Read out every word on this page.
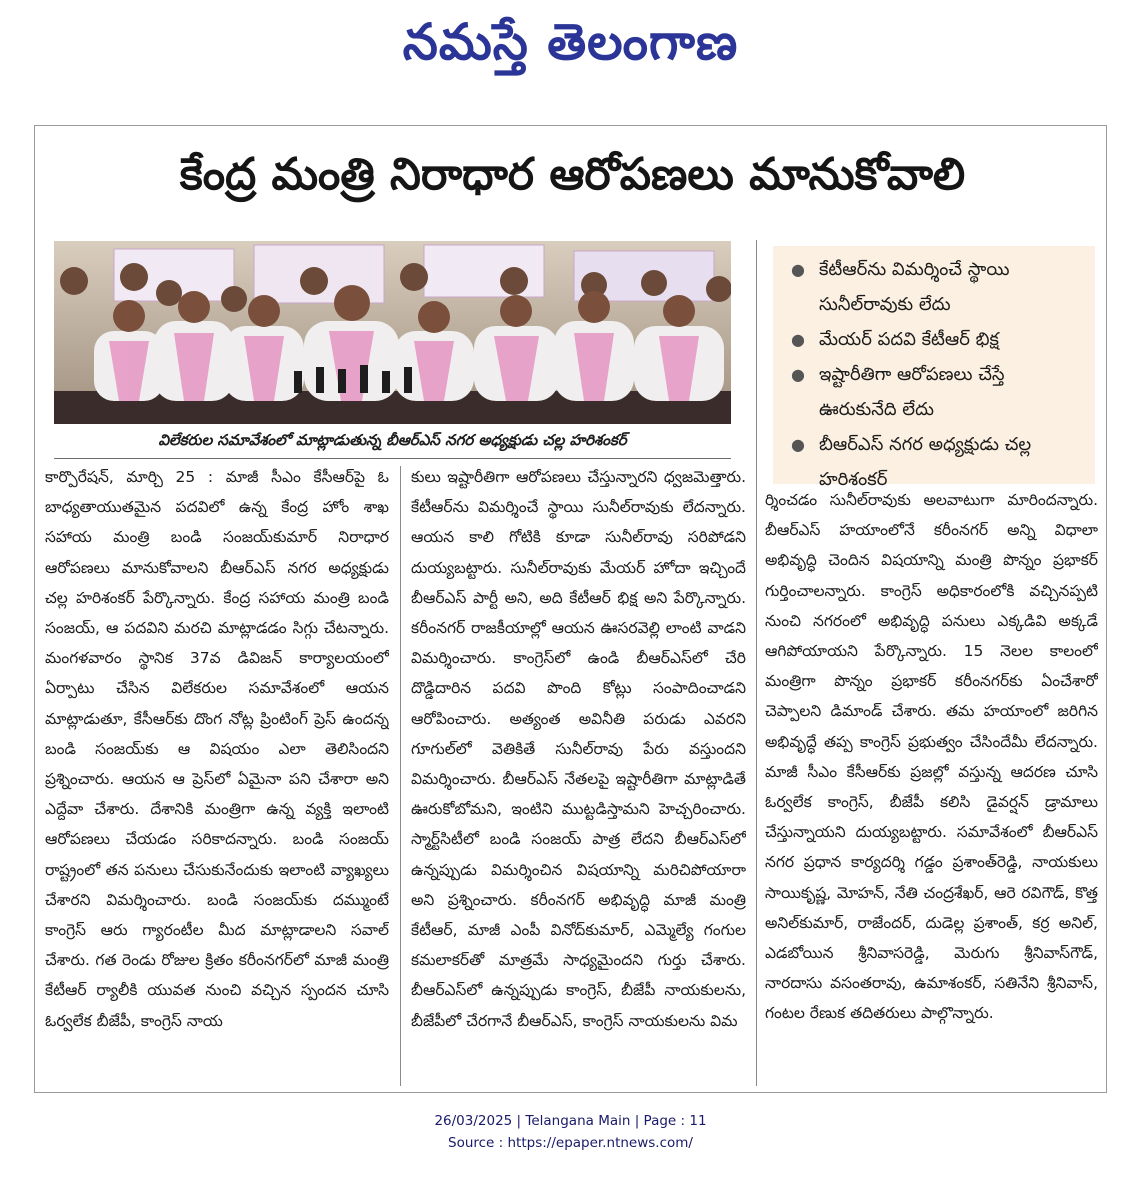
నమస్తే తెలంగాణ
కేంద్ర మంత్రి నిరాధార ఆరోపణలు మానుకోవాలి
విలేకరుల సమావేశంలో మాట్లాడుతున్న బీఆర్ఎస్ నగర అధ్యక్షుడు చల్ల హరిశంకర్
● కేటీఆర్‌ను విమర్శించే స్థాయి సునీల్‌రావుకు లేదు
● మేయర్ పదవి కేటీఆర్ భిక్ష
● ఇష్టారీతిగా ఆరోపణలు చేస్తే ఊరుకునేది లేదు
● బీఆర్ఎస్ నగర అధ్యక్షుడు చల్ల హరిశంకర్

కార్పొరేషన్, మార్చి 25 : మాజీ సీఎం కేసీఆర్‌పై ఓ బాధ్యతాయుతమైన పదవిలో ఉన్న కేంద్ర హోం శాఖ సహాయ మంత్రి బండి సంజయ్‌కుమార్ నిరాధార ఆరోపణలు మానుకోవాలని బీఆర్ఎస్ నగర అధ్యక్షుడు చల్ల హరిశంకర్ పేర్కొన్నారు. కేంద్ర సహాయ మంత్రి బండి సంజయ్, ఆ పదవిని మరచి మాట్లాడడం సిగ్గు చేటన్నారు. మంగళవారం స్థానిక 37వ డివిజన్ కార్యాలయంలో ఏర్పాటు చేసిన విలేకరుల సమావేశంలో ఆయన మాట్లాడుతూ, కేసీఆర్‌కు దొంగ నోట్ల ప్రింటింగ్ ప్రెస్ ఉందన్న బండి సంజయ్‌కు ఆ విషయం ఎలా తెలిసిందని ప్రశ్నించారు. ఆయన ఆ ప్రెస్‌లో ఏమైనా పని చేశారా అని ఎద్దేవా చేశారు. దేశానికి మంత్రిగా ఉన్న వ్యక్తి ఇలాంటి ఆరోపణలు చేయడం సరికాదన్నారు. బండి సంజయ్ రాష్ట్రంలో తన పనులు చేసుకునేందుకు ఇలాంటి వ్యాఖ్యలు చేశారని విమర్శించారు. బండి సంజయ్‌కు దమ్ముంటే కాంగ్రెస్ ఆరు గ్యారంటీల మీద మాట్లాడాలని సవాల్ చేశారు. గత రెండు రోజుల క్రితం కరీంనగర్‌లో మాజీ మంత్రి కేటీఆర్ ర్యాలీకి యువత నుంచి వచ్చిన స్పందన చూసి ఓర్వలేక బీజేపీ, కాంగ్రెస్ నాయ

కులు ఇష్టారీతిగా ఆరోపణలు చేస్తున్నారని ధ్వజమెత్తారు. కేటీఆర్‌ను విమర్శించే స్థాయి సునీల్‌రావుకు లేదన్నారు. ఆయన కాలి గోటికి కూడా సునీల్‌రావు సరిపోడని దుయ్యబట్టారు. సునీల్‌రావుకు మేయర్ హోదా ఇచ్చిందే బీఆర్ఎస్ పార్టీ అని, అది కేటీఆర్ భిక్ష అని పేర్కొన్నారు. కరీంనగర్ రాజకీయాల్లో ఆయన ఊసరవెల్లి లాంటి వాడని విమర్శించారు. కాంగ్రెస్‌లో ఉండి బీఆర్ఎస్‌లో చేరి దొడ్డిదారిన పదవి పొంది కోట్లు సంపాదించాడని ఆరోపించారు. అత్యంత అవినీతి పరుడు ఎవరని గూగుల్‌లో వెతికితే సునీల్‌రావు పేరు వస్తుందని విమర్శించారు. బీఆర్ఎస్ నేతలపై ఇష్టారీతిగా మాట్లాడితే ఊరుకోబోమని, ఇంటిని ముట్టడిస్తామని హెచ్చరించారు. స్మార్ట్‌సిటీలో బండి సంజయ్ పాత్ర లేదని బీఆర్ఎస్‌లో ఉన్నప్పుడు విమర్శించిన విషయాన్ని మరిచిపోయారా అని ప్రశ్నించారు. కరీంనగర్ అభివృద్ధి మాజీ మంత్రి కేటీఆర్, మాజీ ఎంపీ వినోద్‌కుమార్, ఎమ్మెల్యే గంగుల కమలాకర్‌తో మాత్రమే సాధ్యమైందని గుర్తు చేశారు. బీఆర్ఎస్‌లో ఉన్నప్పుడు కాంగ్రెస్, బీజేపీ నాయకులను, బీజేపీలో చేరగానే బీఆర్ఎస్, కాంగ్రెస్ నాయకులను విమ

ర్శించడం సునీల్‌రావుకు అలవాటుగా మారిందన్నారు. బీఆర్ఎస్ హయాంలోనే కరీంనగర్ అన్ని విధాలా అభివృద్ధి చెందిన విషయాన్ని మంత్రి పొన్నం ప్రభాకర్ గుర్తించాలన్నారు. కాంగ్రెస్ అధికారంలోకి వచ్చినప్పటి నుంచి నగరంలో అభివృద్ధి పనులు ఎక్కడివి అక్కడే ఆగిపోయాయని పేర్కొన్నారు. 15 నెలల కాలంలో మంత్రిగా పొన్నం ప్రభాకర్ కరీంనగర్‌కు ఏంచేశారో చెప్పాలని డిమాండ్ చేశారు. తమ హయాంలో జరిగిన అభివృద్ధే తప్ప కాంగ్రెస్ ప్రభుత్వం చేసిందేమీ లేదన్నారు. మాజీ సీఎం కేసీఆర్‌కు ప్రజల్లో వస్తున్న ఆదరణ చూసి ఓర్వలేక కాంగ్రెస్, బీజేపీ కలిసి డైవర్షన్ డ్రామాలు చేస్తున్నాయని దుయ్యబట్టారు. సమావేశంలో బీఆర్ఎస్ నగర ప్రధాన కార్యదర్శి గడ్డం ప్రశాంత్‌రెడ్డి, నాయకులు సాయికృష్ణ, మోహన్, నేతి చంద్రశేఖర్, ఆరె రవిగౌడ్, కొత్త అనిల్‌కుమార్, రాజేందర్, దుడెల్ల ప్రశాంత్, కర్ర అనిల్, ఎడబోయిన శ్రీనివాసరెడ్డి, మెరుగు శ్రీనివాస్‌గౌడ్, నారదాసు వసంతరావు, ఉమాశంకర్, సతినేని శ్రీనివాస్, గంటల రేణుక తదితరులు పాల్గొన్నారు.

26/03/2025 | Telangana Main | Page : 11
Source : https://epaper.ntnews.com/
